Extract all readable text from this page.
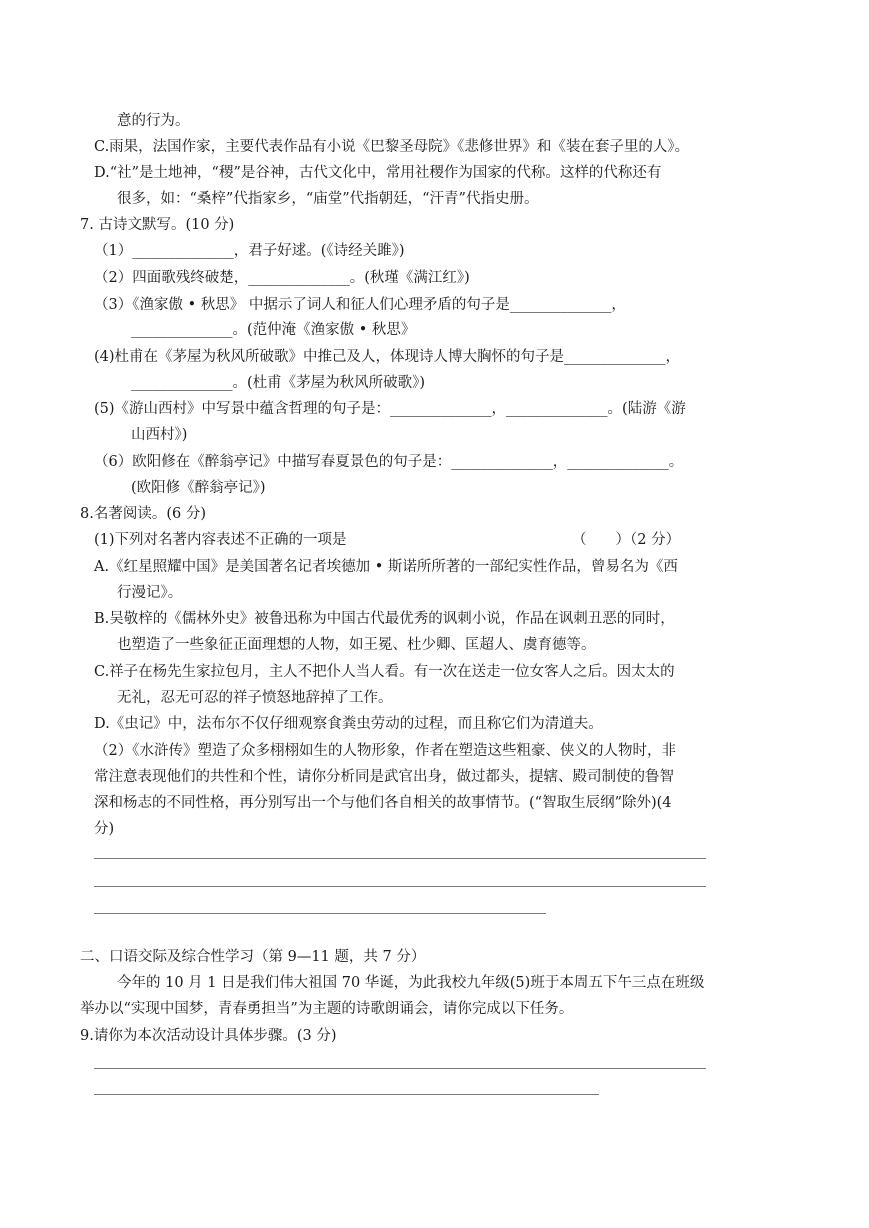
意的行为。
C.雨果，法国作家，主要代表作品有小说《巴黎圣母院》《悲修世界》和《装在套子里的人》。
D.“社”是土地神，“稷”是谷神，古代文化中，常用社稷作为国家的代称。这样的代称还有
很多，如：“桑梓”代指家乡，“庙堂”代指朝廷，“汗青”代指史册。
7. 古诗文默写。(10 分)
（1）______________，君子好逑。(《诗经关雎》)
（2）四面歌残终破楚，______________。(秋瑾《满江红》)
（3）《渔家傲 • 秋思》 中据示了词人和征人们心理矛盾的句子是______________，
______________。(范仲淹《渔家傲 • 秋思》
(4)杜甫在《茅屋为秋风所破歌》中推己及人，体现诗人博大胸怀的句子是______________，
______________。(杜甫《茅屋为秋风所破歌》)
(5)《游山西村》中写景中蕴含哲理的句子是：______________，______________。(陆游《游
山西村》)
（6）欧阳修在《醉翁亭记》中描写春夏景色的句子是：______________，______________。
(欧阳修《醉翁亭记》)
8.名著阅读。(6 分)
(1)下列对名著内容表述不正确的一项是	（　　）（2 分）
A.《红星照耀中国》是美国著名记者埃德加 • 斯诺所所著的一部纪实性作品，曾易名为《西
行漫记》。
B.吴敬梓的《儒林外史》被鲁迅称为中国古代最优秀的讽刺小说，作品在讽刺丑恶的同时，
也塑造了一些象征正面理想的人物，如王冕、杜少卿、匡超人、虞育德等。
C.祥子在杨先生家拉包月，主人不把仆人当人看。有一次在送走一位女客人之后。因太太的
无礼，忍无可忍的祥子愤怒地辞掉了工作。
D.《虫记》中，法布尔不仅仔细观察食粪虫劳动的过程，而且称它们为清道夫。
（2）《水浒传》塑造了众多栩栩如生的人物形象，作者在塑造这些粗豪、侠义的人物时，非
常注意表现他们的共性和个性，请你分析同是武官出身，做过都头，提辖、殿司制使的鲁智
深和杨志的不同性格，再分别写出一个与他们各自相关的故事情节。(“智取生辰纲”除外)(4
分)
二、口语交际及综合性学习（第 9—11 题，共 7 分）
今年的 10 月 1 日是我们伟大祖国 70 华诞，为此我校九年级(5)班于本周五下午三点在班级
举办以“实现中国梦，青春勇担当”为主题的诗歌朗诵会，请你完成以下任务。
9.请你为本次活动设计具体步骤。(3 分)
